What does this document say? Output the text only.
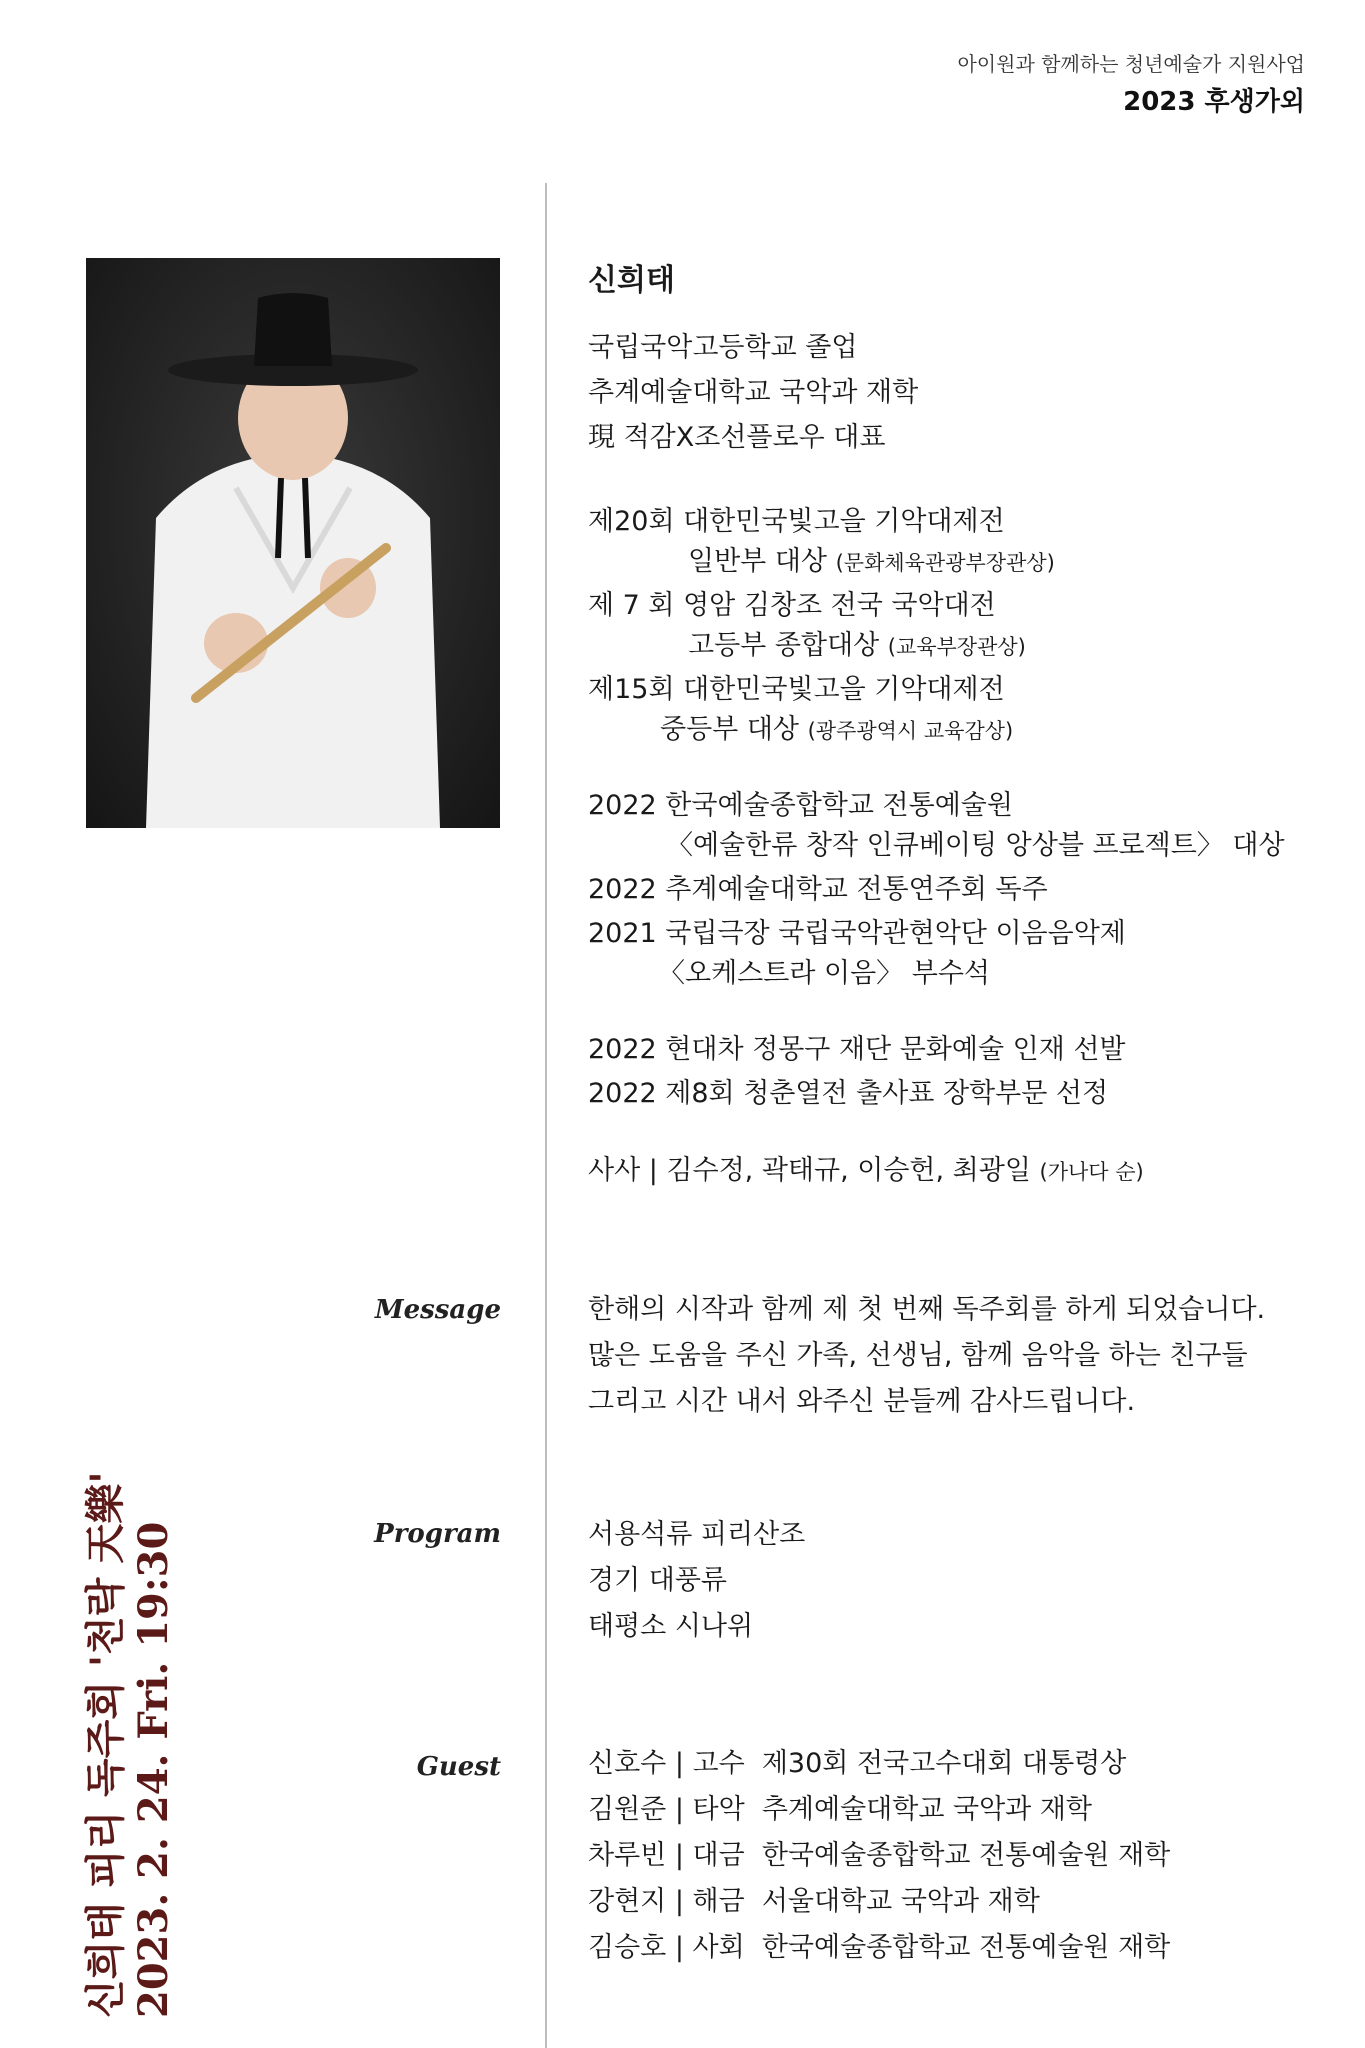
아이원과 함께하는 청년예술가 지원사업
2023 후생가외
신희태
국립국악고등학교 졸업
추계예술대학교 국악과 재학
現 적감X조선플로우 대표
제20회 대한민국빛고을 기악대제전
일반부 대상 (문화체육관광부장관상)
제 7 회 영암 김창조 전국 국악대전
고등부 종합대상 (교육부장관상)
제15회 대한민국빛고을 기악대제전
중등부 대상 (광주광역시 교육감상)
2022 한국예술종합학교 전통예술원
〈예술한류 창작 인큐베이팅 앙상블 프로젝트〉 대상
2022 추계예술대학교 전통연주회 독주
2021 국립극장 국립국악관현악단 이음음악제
〈오케스트라 이음〉 부수석
2022 현대차 정몽구 재단 문화예술 인재 선발
2022 제8회 청춘열전 출사표 장학부문 선정
사사 | 김수정, 곽태규, 이승헌, 최광일 (가나다 순)
한해의 시작과 함께 제 첫 번째 독주회를 하게 되었습니다.
많은 도움을 주신 가족, 선생님, 함께 음악을 하는 친구들
그리고 시간 내서 와주신 분들께 감사드립니다.
서용석류 피리산조
경기 대풍류
태평소 시나위
신호수 | 고수 제30회 전국고수대회 대통령상
김원준 | 타악 추계예술대학교 국악과 재학
차루빈 | 대금 한국예술종합학교 전통예술원 재학
강현지 | 해금 서울대학교 국악과 재학
김승호 | 사회 한국예술종합학교 전통예술원 재학
Message
Program
Guest
신희태 피리 독주회 '천락 天樂' 2023. 2. 24. Fri. 19:30
